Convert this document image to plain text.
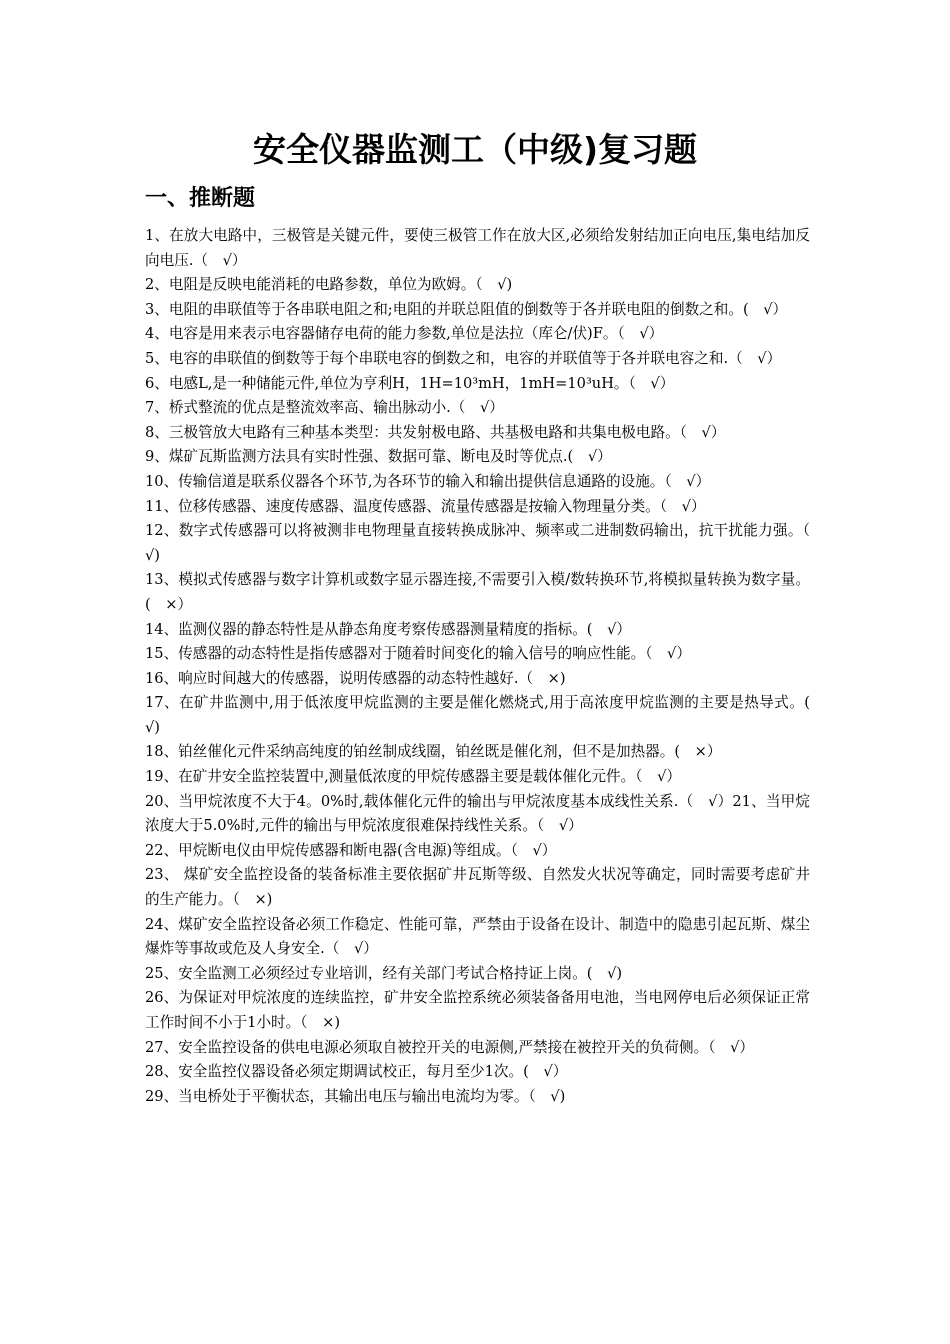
安全仪器监测工（中级)复习题
一、推断题
1、在放大电路中，三极管是关键元件，要使三极管工作在放大区,必须给发射结加正向电压,集电结加反向电压.（　√）
2、电阻是反映电能消耗的电路参数，单位为欧姆。（　√)
3、电阻的串联值等于各串联电阻之和;电阻的并联总阻值的倒数等于各并联电阻的倒数之和。(　√）
4、电容是用来表示电容器储存电荷的能力参数,单位是法拉（库仑/伏)F。（　√）
5、电容的串联值的倒数等于每个串联电容的倒数之和，电容的并联值等于各并联电容之和.（　√）
6、电感L,是一种储能元件,单位为亨利H，1H=10³mH，1mH=10³uH。（　√）
7、桥式整流的优点是整流效率高、输出脉动小.（　√）
8、三极管放大电路有三种基本类型：共发射极电路、共基极电路和共集电极电路。（　√）
9、煤矿瓦斯监测方法具有实时性强、数据可靠、断电及时等优点.(　√）
10、传输信道是联系仪器各个环节,为各环节的输入和输出提供信息通路的设施。（　√）
11、位移传感器、速度传感器、温度传感器、流量传感器是按输入物理量分类。（　√）
12、数字式传感器可以将被测非电物理量直接转换成脉冲、频率或二进制数码输出，抗干扰能力强。（　√)
13、模拟式传感器与数字计算机或数字显示器连接,不需要引入模/数转换环节,将模拟量转换为数字量。(　×）
14、监测仪器的静态特性是从静态角度考察传感器测量精度的指标。(　√）
15、传感器的动态特性是指传感器对于随着时间变化的输入信号的响应性能。（　√）
16、响应时间越大的传感器，说明传感器的动态特性越好.（　×)
17、在矿井监测中,用于低浓度甲烷监测的主要是催化燃烧式,用于高浓度甲烷监测的主要是热导式。(　√)
18、铂丝催化元件采纳高纯度的铂丝制成线圈，铂丝既是催化剂，但不是加热器。(　×）
19、在矿井安全监控装置中,测量低浓度的甲烷传感器主要是载体催化元件。（　√）
20、当甲烷浓度不大于4。0%时,载体催化元件的输出与甲烷浓度基本成线性关系.（　√）21、当甲烷浓度大于5.0%时,元件的输出与甲烷浓度很难保持线性关系。（　√）
22、甲烷断电仪由甲烷传感器和断电器(含电源)等组成。（　√）
23、 煤矿安全监控设备的装备标准主要依据矿井瓦斯等级、自然发火状况等确定，同时需要考虑矿井的生产能力。（　×)
24、煤矿安全监控设备必须工作稳定、性能可靠，严禁由于设备在设计、制造中的隐患引起瓦斯、煤尘爆炸等事故或危及人身安全.（　√）
25、安全监测工必须经过专业培训，经有关部门考试合格持证上岗。(　√)
26、为保证对甲烷浓度的连续监控，矿井安全监控系统必须装备备用电池，当电网停电后必须保证正常工作时间不小于1小时。（　×)
27、安全监控设备的供电电源必须取自被控开关的电源侧,严禁接在被控开关的负荷侧。（　√）
28、安全监控仪器设备必须定期调试校正，每月至少1次。(　√）
29、当电桥处于平衡状态，其输出电压与输出电流均为零。（　√)
